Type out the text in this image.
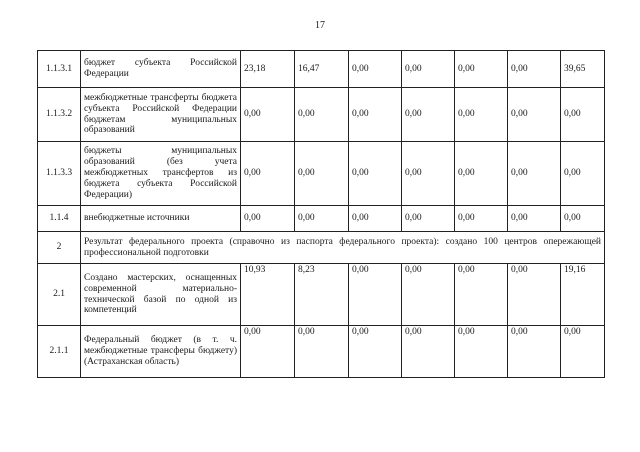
17
1.1.3.1	бюджет субъекта Российской Федерации	23,18	16,47	0,00	0,00	0,00	0,00	39,65
1.1.3.2	межбюджетные трансферты бюджета субъекта Российской Федерации бюджетам муниципальных образований	0,00	0,00	0,00	0,00	0,00	0,00	0,00
1.1.3.3	бюджеты муниципальных образований (без учета межбюджетных трансфертов из бюджета субъекта Российской Федерации)	0,00	0,00	0,00	0,00	0,00	0,00	0,00
1.1.4	внебюджетные источники	0,00	0,00	0,00	0,00	0,00	0,00	0,00
2	Результат федерального проекта (справочно из паспорта федерального проекта): создано 100 центров опережающей профессиональной подготовки							
2.1	Создано мастерских, оснащенных современной материально-технической базой по одной из компетенций	10,93	8,23	0,00	0,00	0,00	0,00	19,16
2.1.1	Федеральный бюджет (в т. ч. межбюджетные трансферы бюджету) (Астраханская область)	0,00	0,00	0,00	0,00	0,00	0,00	0,00
